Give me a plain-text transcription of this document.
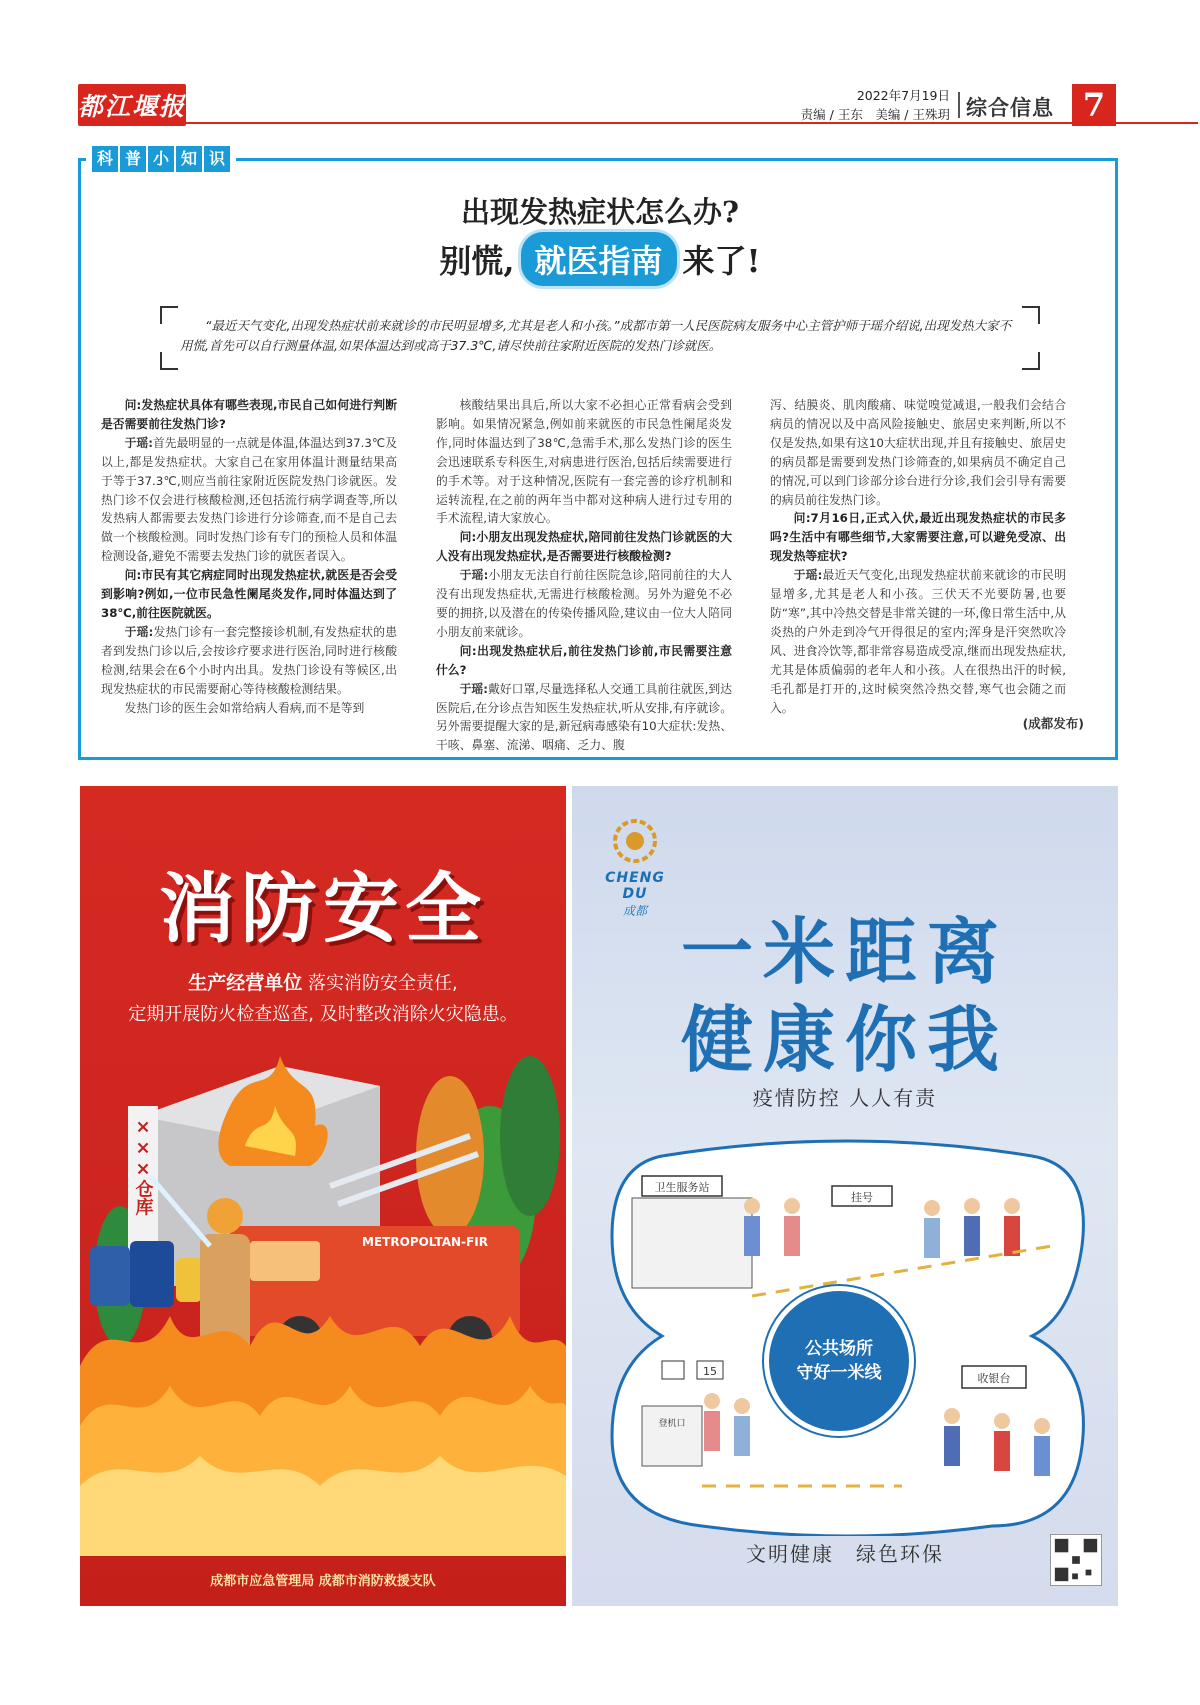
都江堰报	2022年7月19日
责编 / 王东　美编 / 王殊玥 综合信息 7
科 普 小 知 识
出现发热症状怎么办?
别慌, 就医指南 来了!
“最近天气变化,出现发热症状前来就诊的市民明显增多,尤其是老人和小孩。”成都市第一人民医院病友服务中心主管护师于瑶介绍说,出现发热大家不用慌,首先可以自行测量体温,如果体温达到或高于37.3℃,请尽快前往家附近医院的发热门诊就医。

问:发热症状具体有哪些表现,市民自己如何进行判断是否需要前往发热门诊?

于瑶:首先最明显的一点就是体温,体温达到37.3℃及以上,都是发热症状。大家自己在家用体温计测量结果高于等于37.3℃,则应当前往家附近医院发热门诊就医。发热门诊不仅会进行核酸检测,还包括流行病学调查等,所以发热病人都需要去发热门诊进行分诊筛查,而不是自己去做一个核酸检测。同时发热门诊有专门的预检人员和体温检测设备,避免不需要去发热门诊的就医者误入。

问:市民有其它病症同时出现发热症状,就医是否会受到影响?例如,一位市民急性阑尾炎发作,同时体温达到了38℃,前往医院就医。

于瑶:发热门诊有一套完整接诊机制,有发热症状的患者到发热门诊以后,会按诊疗要求进行医治,同时进行核酸检测,结果会在6个小时内出具。发热门诊设有等候区,出现发热症状的市民需要耐心等待核酸检测结果。

发热门诊的医生会如常给病人看病,而不是等到

核酸结果出具后,所以大家不必担心正常看病会受到影响。如果情况紧急,例如前来就医的市民急性阑尾炎发作,同时体温达到了38℃,急需手术,那么发热门诊的医生会迅速联系专科医生,对病患进行医治,包括后续需要进行的手术等。对于这种情况,医院有一套完善的诊疗机制和运转流程,在之前的两年当中都对这种病人进行过专用的手术流程,请大家放心。

问:小朋友出现发热症状,陪同前往发热门诊就医的大人没有出现发热症状,是否需要进行核酸检测?

于瑶:小朋友无法自行前往医院急诊,陪同前往的大人没有出现发热症状,无需进行核酸检测。另外为避免不必要的拥挤,以及潜在的传染传播风险,建议由一位大人陪同小朋友前来就诊。

问:出现发热症状后,前往发热门诊前,市民需要注意什么?

于瑶:戴好口罩,尽量选择私人交通工具前往就医,到达医院后,在分诊点告知医生发热症状,听从安排,有序就诊。另外需要提醒大家的是,新冠病毒感染有10大症状:发热、干咳、鼻塞、流涕、咽痛、乏力、腹

泻、结膜炎、肌肉酸痛、味觉嗅觉减退,一般我们会结合病员的情况以及中高风险接触史、旅居史来判断,所以不仅是发热,如果有这10大症状出现,并且有接触史、旅居史的病员都是需要到发热门诊筛查的,如果病员不确定自己的情况,可以到门诊部分诊台进行分诊,我们会引导有需要的病员前往发热门诊。

问:7月16日,正式入伏,最近出现发热症状的市民多吗?生活中有哪些细节,大家需要注意,可以避免受凉、出现发热等症状?

于瑶:最近天气变化,出现发热症状前来就诊的市民明显增多,尤其是老人和小孩。三伏天不光要防暑,也要防“寒”,其中冷热交替是非常关键的一环,像日常生活中,从炎热的户外走到冷气开得很足的室内;浑身是汗突然吹冷风、进食冷饮等,都非常容易造成受凉,继而出现发热症状,尤其是体质偏弱的老年人和小孩。人在很热出汗的时候,毛孔都是打开的,这时候突然冷热交替,寒气也会随之而入。

(成都发布)
消防安全
生产经营单位 落实消防安全责任,
定期开展防火检查巡查, 及时整改消除火灾隐患。
×××仓库
METROPOLTAN-FIR
成都市应急管理局 成都市消防救援支队
CHENG DU
成都 一米距离
健康你我
疫情防控 人人有责
卫生服务站
挂号
15
登机口
收银台
公共场所
守好一米线
文明健康　绿色环保
